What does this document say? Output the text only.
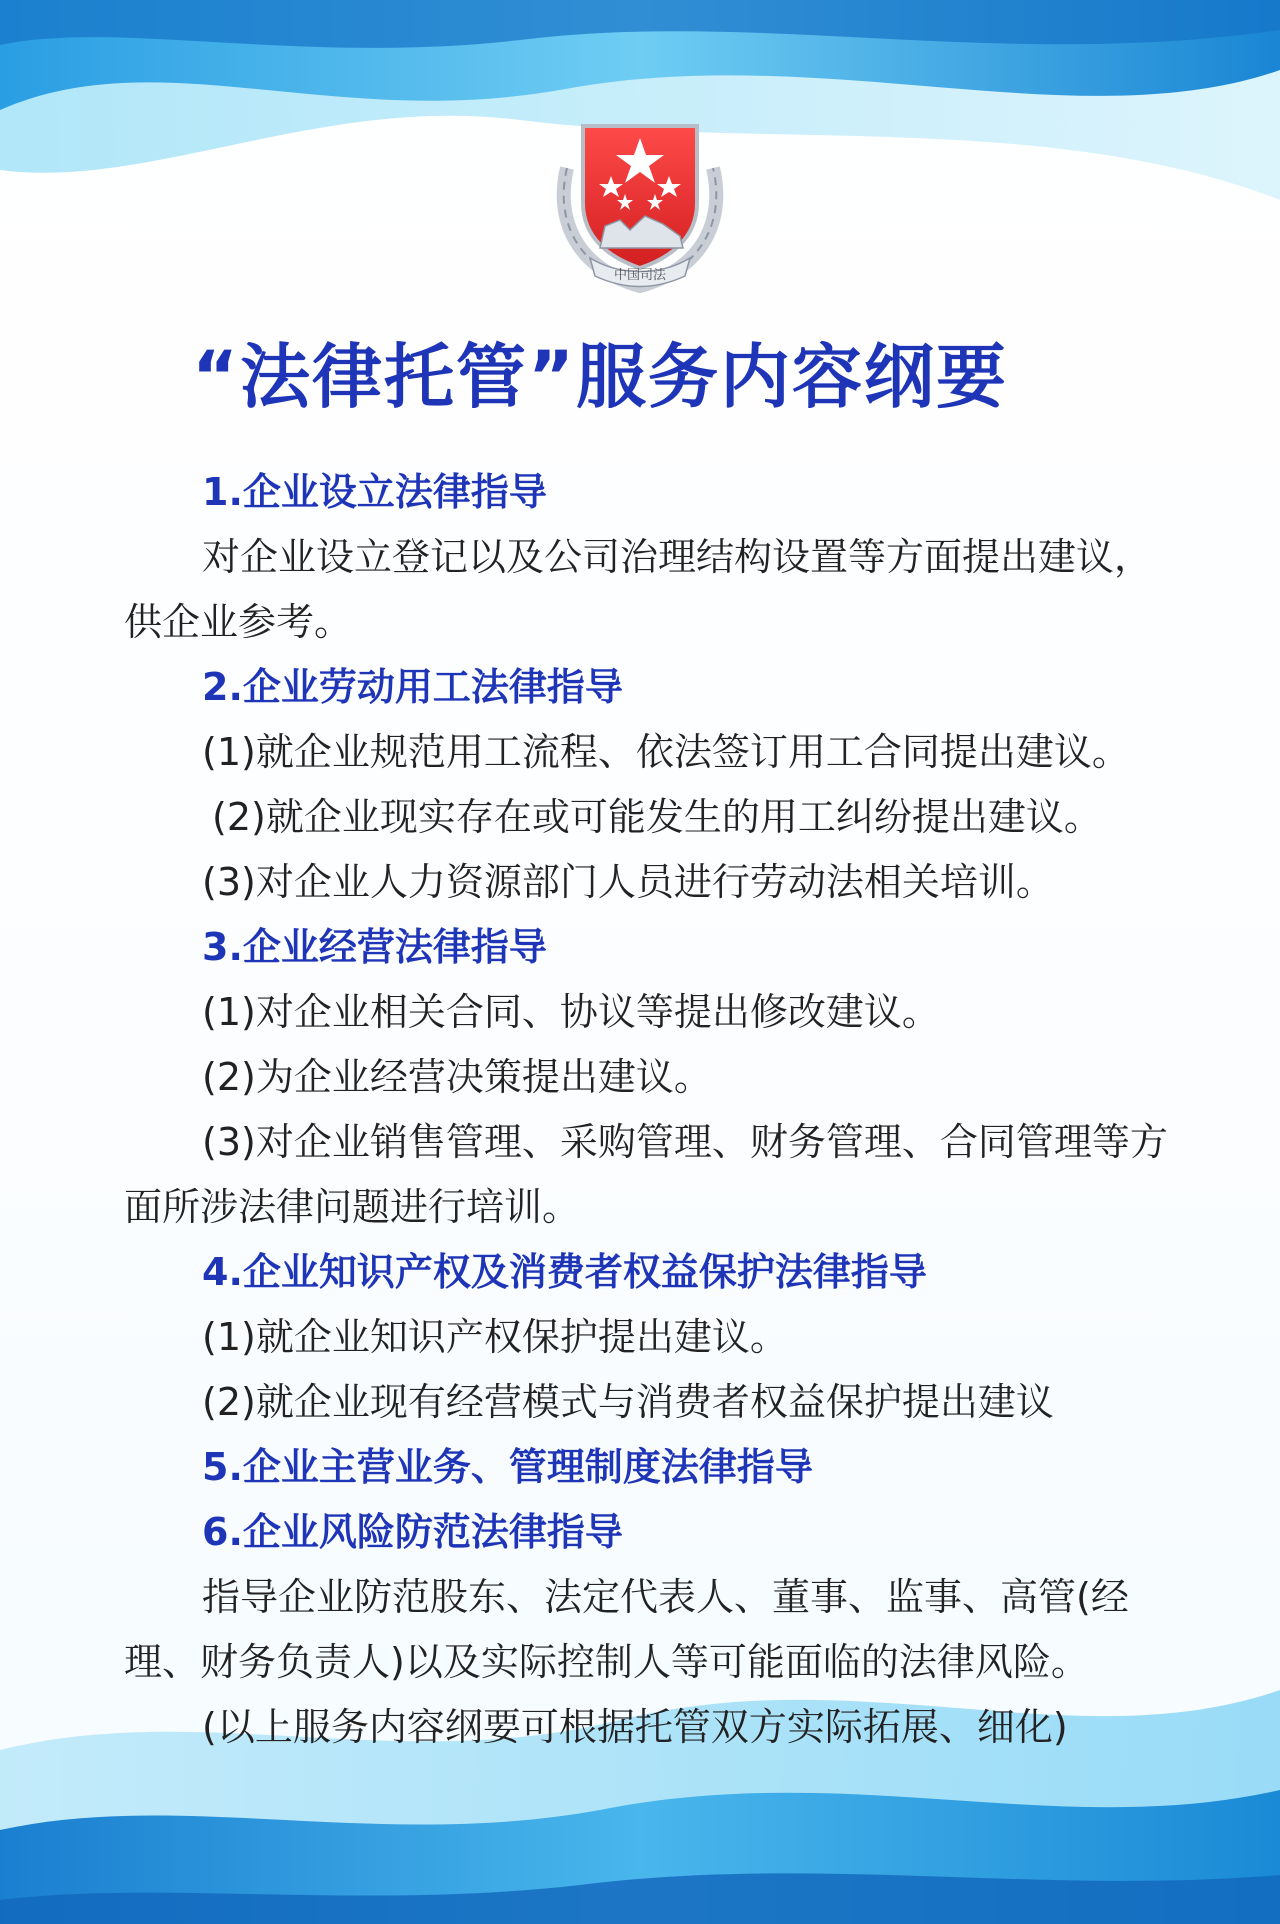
中国司法
“法律托管”服务内容纲要

1.企业设立法律指导

对企业设立登记以及公司治理结构设置等方面提出建议，供企业参考。

2.企业劳动用工法律指导

(1)就企业规范用工流程、依法签订用工合同提出建议。

(2)就企业现实存在或可能发生的用工纠纷提出建议。

(3)对企业人力资源部门人员进行劳动法相关培训。

3.企业经营法律指导

(1)对企业相关合同、协议等提出修改建议。

(2)为企业经营决策提出建议。

(3)对企业销售管理、采购管理、财务管理、合同管理等方面所涉法律问题进行培训。

4.企业知识产权及消费者权益保护法律指导

(1)就企业知识产权保护提出建议。

(2)就企业现有经营模式与消费者权益保护提出建议

5.企业主营业务、管理制度法律指导

6.企业风险防范法律指导

指导企业防范股东、法定代表人、董事、监事、高管(经理、财务负责人)以及实际控制人等可能面临的法律风险。

(以上服务内容纲要可根据托管双方实际拓展、细化)
